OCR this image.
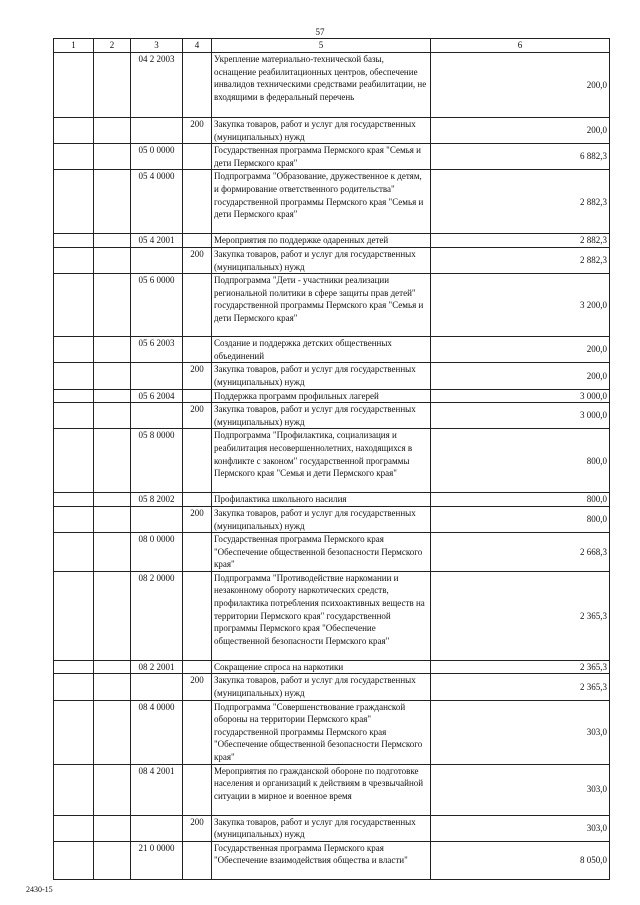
57
1	2	3	4	5	6
		04 2 2003		Укрепление материально-технической базы, оснащение реабилитационных центров, обеспечение инвалидов техническими средствами реабилитации, не входящими в федеральный перечень	200,0
			200	Закупка товаров, работ и услуг для государственных (муниципальных) нужд	200,0
		05 0 0000		Государственная программа Пермского края "Семья и дети Пермского края"	6 882,3
		05 4 0000		Подпрограмма "Образование, дружественное к детям, и формирование ответственного родительства" государственной программы Пермского края "Семья и дети Пермского края"	2 882,3
		05 4 2001		Мероприятия по поддержке одаренных детей	2 882,3
			200	Закупка товаров, работ и услуг для государственных (муниципальных) нужд	2 882,3
		05 6 0000		Подпрограмма "Дети - участники реализации региональной политики в сфере защиты прав детей" государственной программы Пермского края "Семья и дети Пермского края"	3 200,0
		05 6 2003		Создание и поддержка детских общественных объединений	200,0
			200	Закупка товаров, работ и услуг для государственных (муниципальных) нужд	200,0
		05 6 2004		Поддержка программ профильных лагерей	3 000,0
			200	Закупка товаров, работ и услуг для государственных (муниципальных) нужд	3 000,0
		05 8 0000		Подпрограмма "Профилактика, социализация и реабилитация несовершеннолетних, находящихся в конфликте с законом" государственной программы Пермского края "Семья и дети Пермского края"	800,0
		05 8 2002		Профилактика школьного насилия	800,0
			200	Закупка товаров, работ и услуг для государственных (муниципальных) нужд	800,0
		08 0 0000		Государственная программа Пермского края "Обеспечение общественной безопасности Пермского края"	2 668,3
		08 2 0000		Подпрограмма "Противодействие наркомании и незаконному обороту наркотических средств, профилактика потребления психоактивных веществ на территории Пермского края" государственной программы Пермского края "Обеспечение общественной безопасности Пермского края"	2 365,3
		08 2 2001		Сокращение спроса на наркотики	2 365,3
			200	Закупка товаров, работ и услуг для государственных (муниципальных) нужд	2 365,3
		08 4 0000		Подпрограмма "Совершенствование гражданской обороны на территории Пермского края" государственной программы Пермского края "Обеспечение общественной безопасности Пермского края"	303,0
		08 4 2001		Мероприятия по гражданской обороне по подготовке населения и организаций к действиям в чрезвычайной ситуации в мирное и военное время	303,0
			200	Закупка товаров, работ и услуг для государственных (муниципальных) нужд	303,0
		21 0 0000		Государственная программа Пермского края "Обеспечение взаимодействия общества и власти"	8 050,0
2430-15
